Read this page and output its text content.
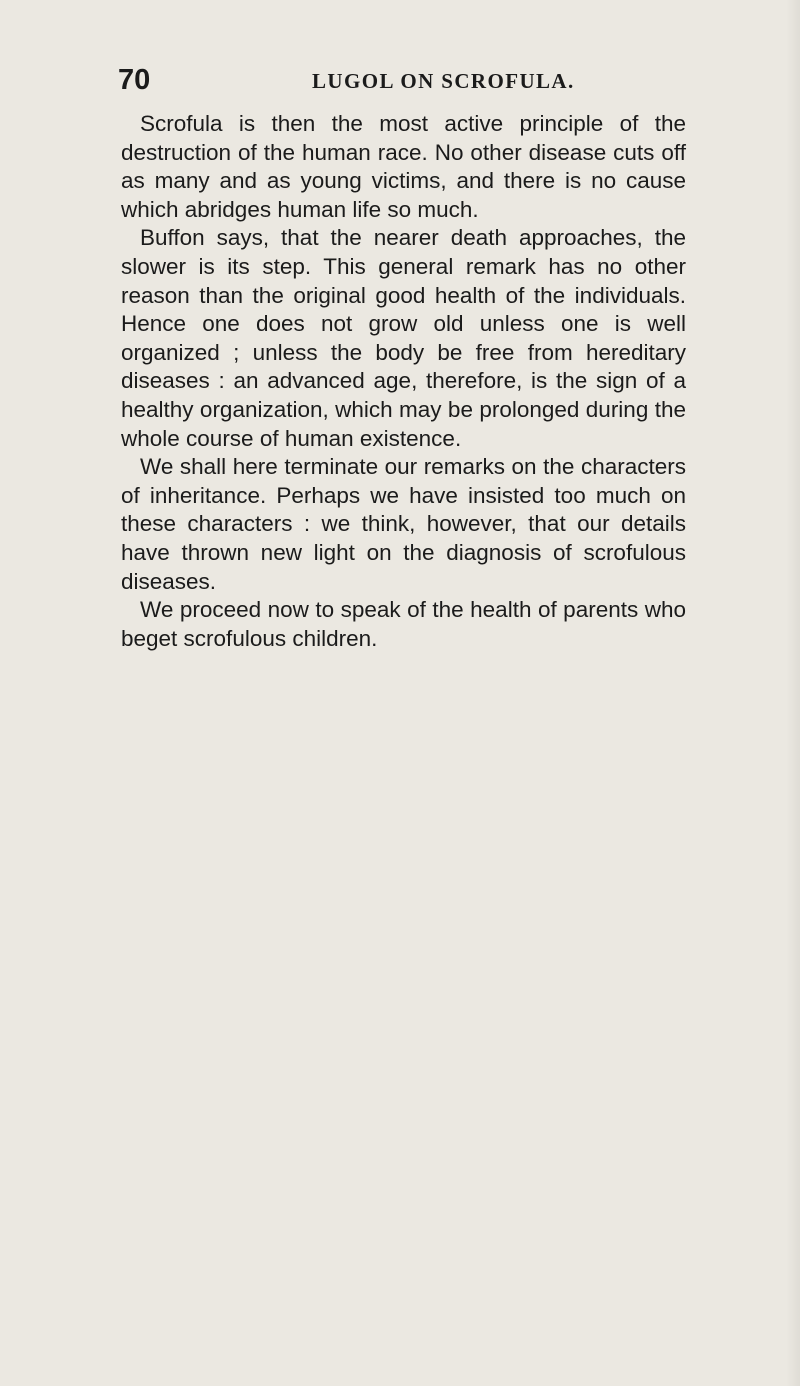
70	LUGOL ON SCROFULA.

Scrofula is then the most active principle of the destruction of the human race. No other disease cuts off as many and as young victims, and there is no cause which abridges human life so much.

Buffon says, that the nearer death approaches, the slower is its step. This general remark has no other reason than the original good health of the individuals. Hence one does not grow old unless one is well organized ; unless the body be free from hereditary diseases : an advanced age, therefore, is the sign of a healthy organization, which may be prolonged during the whole course of human existence.

We shall here terminate our remarks on the characters of inheritance. Perhaps we have insisted too much on these characters : we think, however, that our details have thrown new light on the diagnosis of scrofulous diseases.

We proceed now to speak of the health of parents who beget scrofulous children.
